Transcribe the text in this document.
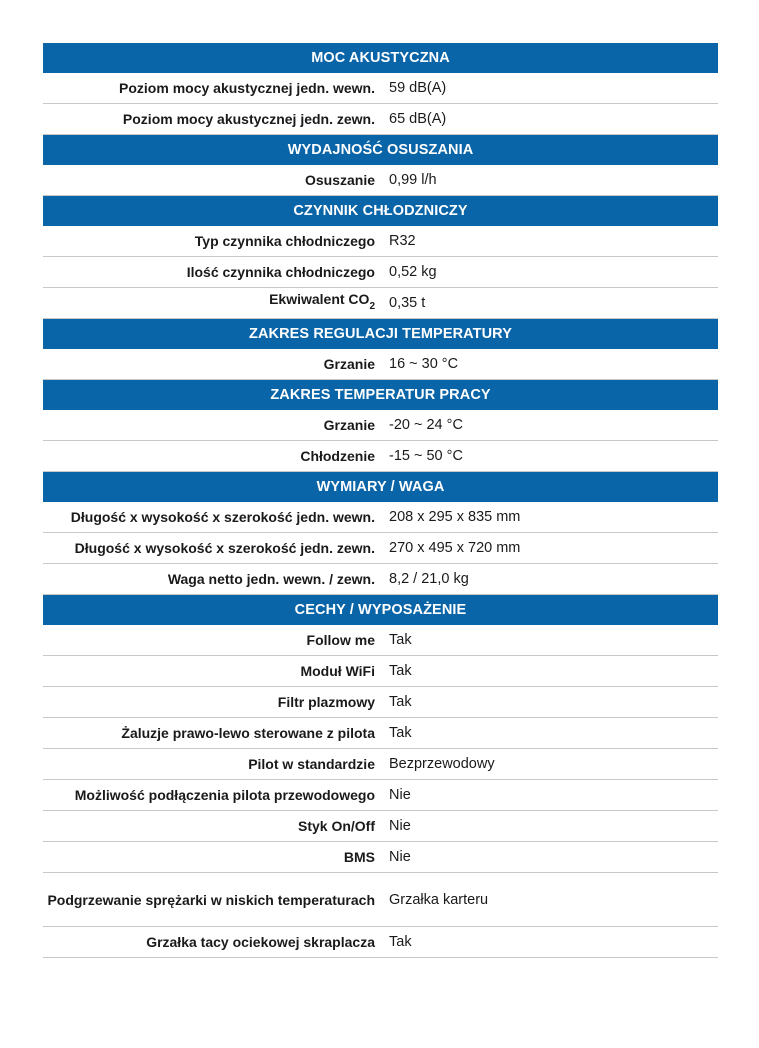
MOC AKUSTYCZNA
Poziom mocy akustycznej jedn. wewn. 59 dB(A)
Poziom mocy akustycznej jedn. zewn. 65 dB(A)
WYDAJNOŚĆ OSUSZANIA
Osuszanie 0,99 l/h
CZYNNIK CHŁODZNICZY
Typ czynnika chłodniczego R32
Ilość czynnika chłodniczego 0,52 kg
Ekwiwalent $CO_2$ 0,35 t
ZAKRES REGULACJI TEMPERATURY
Grzanie 16 ~ 30 °C
ZAKRES TEMPERATUR PRACY
Grzanie -20 ~ 24 °C
Chłodzenie -15 ~ 50 °C
WYMIARY / WAGA
Długość x wysokość x szerokość jedn. wewn. 208 x 295 x 835 mm
Długość x wysokość x szerokość jedn. zewn. 270 x 495 x 720 mm
Waga netto jedn. wewn. / zewn. 8,2 / 21,0 kg
CECHY / WYPOSAŻENIE
Follow me Tak
Moduł WiFi Tak
Filtr plazmowy Tak
Żaluzje prawo-lewo sterowane z pilota Tak
Pilot w standardzie Bezprzewodowy
Możliwość podłączenia pilota przewodowego Nie
Styk On/Off Nie
BMS Nie
Podgrzewanie sprężarki w niskich temperaturach Grzałka karteru
Grzałka tacy ociekowej skraplacza Tak
